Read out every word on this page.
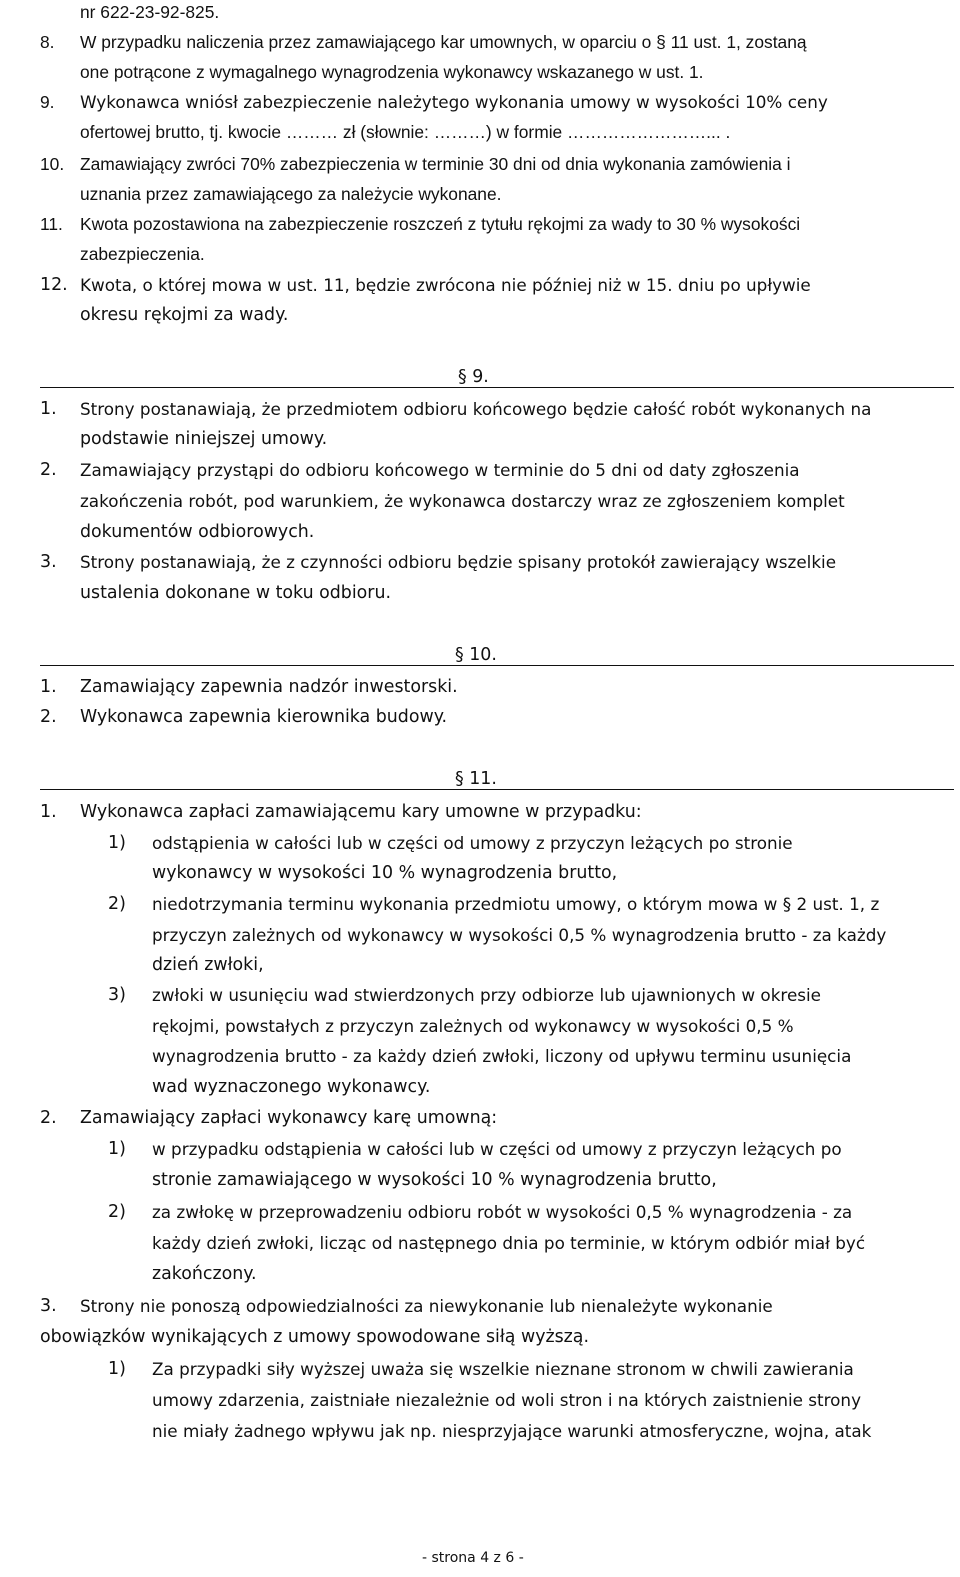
nr 622-23-92-825.
8. W przypadku naliczenia przez zamawiającego kar umownych, w oparciu o § 11 ust. 1, zostaną
one potrącone z wymagalnego wynagrodzenia wykonawcy wskazanego w ust. 1.
9. Wykonawca wniósł zabezpieczenie należytego wykonania umowy w wysokości 10% ceny
ofertowej brutto, tj. kwocie ……… zł (słownie: ………) w formie ……………………... .
10. Zamawiający zwróci 70% zabezpieczenia w terminie 30 dni od dnia wykonania zamówienia i
uznania przez zamawiającego za należycie wykonane.
11. Kwota pozostawiona na zabezpieczenie roszczeń z tytułu rękojmi za wady to 30 % wysokości
zabezpieczenia.
12. Kwota, o której mowa w ust. 11, będzie zwrócona nie później niż w 15. dniu po upływie
okresu rękojmi za wady.
§ 9.
1. Strony postanawiają, że przedmiotem odbioru końcowego będzie całość robót wykonanych na
podstawie niniejszej umowy.
2. Zamawiający przystąpi do odbioru końcowego w terminie do 5 dni od daty zgłoszenia
zakończenia robót, pod warunkiem, że wykonawca dostarczy wraz ze zgłoszeniem komplet
dokumentów odbiorowych.
3. Strony postanawiają, że z czynności odbioru będzie spisany protokół zawierający wszelkie
ustalenia dokonane w toku odbioru.
§ 10.
1. Zamawiający zapewnia nadzór inwestorski.
2. Wykonawca zapewnia kierownika budowy.
§ 11.
1. Wykonawca zapłaci zamawiającemu kary umowne w przypadku:
1) odstąpienia w całości lub w części od umowy z przyczyn leżących po stronie
wykonawcy w wysokości 10 % wynagrodzenia brutto,
2) niedotrzymania terminu wykonania przedmiotu umowy, o którym mowa w § 2 ust. 1, z
przyczyn zależnych od wykonawcy w wysokości 0,5 % wynagrodzenia brutto - za każdy
dzień zwłoki,
3) zwłoki w usunięciu wad stwierdzonych przy odbiorze lub ujawnionych w okresie
rękojmi, powstałych z przyczyn zależnych od wykonawcy w wysokości 0,5 %
wynagrodzenia brutto - za każdy dzień zwłoki, liczony od upływu terminu usunięcia
wad wyznaczonego wykonawcy.
2. Zamawiający zapłaci wykonawcy karę umowną:
1) w przypadku odstąpienia w całości lub w części od umowy z przyczyn leżących po
stronie zamawiającego w wysokości 10 % wynagrodzenia brutto,
2) za zwłokę w przeprowadzeniu odbioru robót w wysokości 0,5 % wynagrodzenia - za
każdy dzień zwłoki, licząc od następnego dnia po terminie, w którym odbiór miał być
zakończony.
3. Strony nie ponoszą odpowiedzialności za niewykonanie lub nienależyte wykonanie
obowiązków wynikających z umowy spowodowane siłą wyższą.
1) Za przypadki siły wyższej uważa się wszelkie nieznane stronom w chwili zawierania
umowy zdarzenia, zaistniałe niezależnie od woli stron i na których zaistnienie strony
nie miały żadnego wpływu jak np. niesprzyjające warunki atmosferyczne, wojna, atak
- strona 4 z 6 -
